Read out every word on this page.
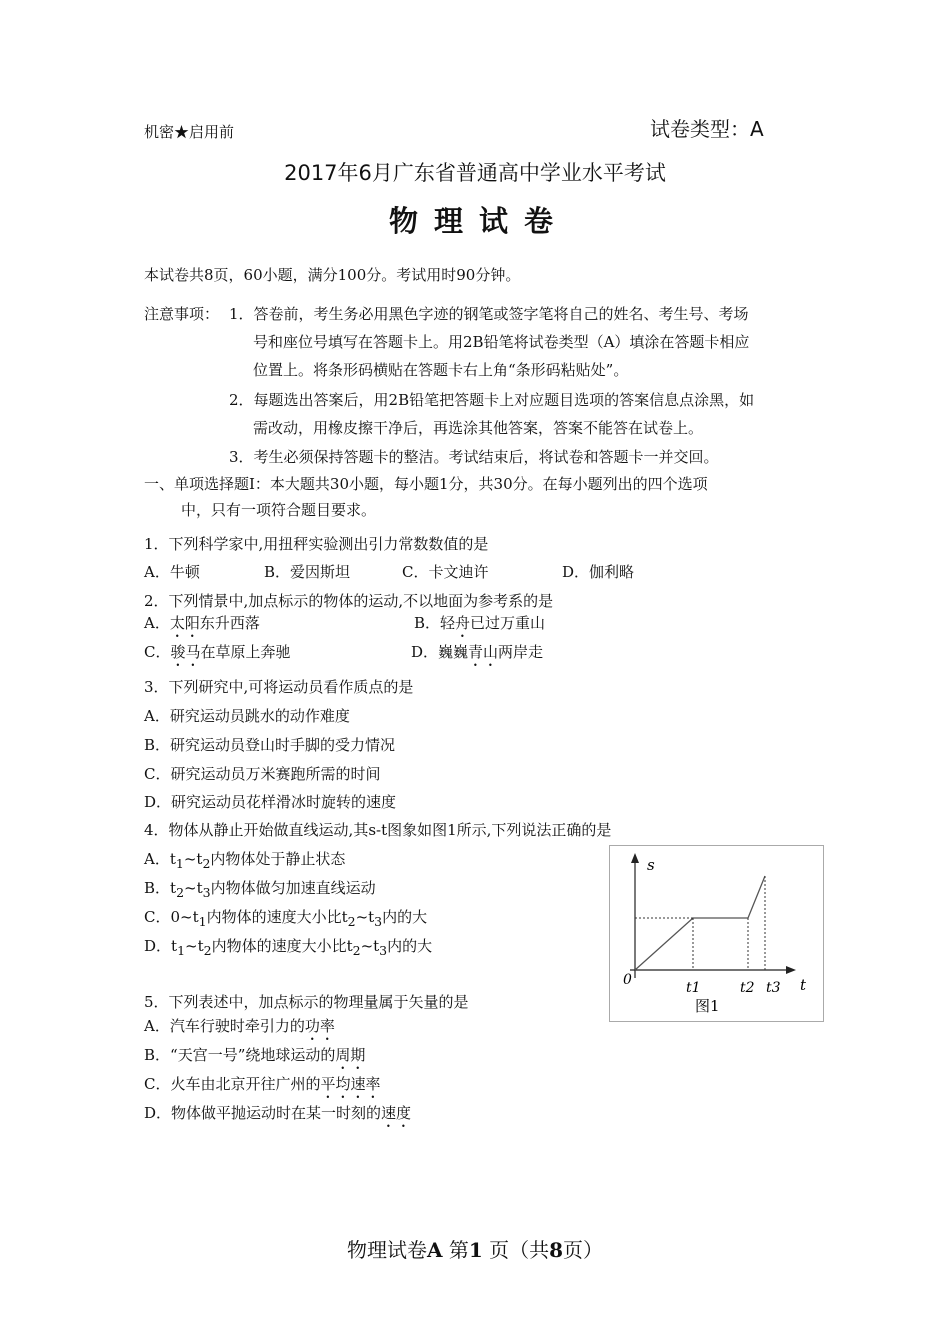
机密★启用前	试卷类型：A
2017年6月广东省普通高中学业水平考试
物理试卷
本试卷共8页，60小题，满分100分。考试用时90分钟。
注意事项： 1．答卷前，考生务必用黑色字迹的钢笔或签字笔将自己的姓名、考生号、考场
号和座位号填写在答题卡上。用2B铅笔将试卷类型（A）填涂在答题卡相应
位置上。将条形码横贴在答题卡右上角“条形码粘贴处”。
2．每题选出答案后，用2B铅笔把答题卡上对应题目选项的答案信息点涂黑，如
需改动，用橡皮擦干净后，再选涂其他答案，答案不能答在试卷上。
3．考生必须保持答题卡的整洁。考试结束后，将试卷和答题卡一并交回。
一、单项选择题Ⅰ：本大题共30小题，每小题1分，共30分。在每小题列出的四个选项
中，只有一项符合题目要求。
1．下列科学家中,用扭秤实验测出引力常数数值的是
A．牛顿	B．爱因斯坦	C．卡文迪许	D．伽利略
2．下列情景中,加点标示的物体的运动,不以地面为参考系的是
A．太阳东升西落	B．轻舟已过万重山
C．骏马在草原上奔驰	D．巍巍青山两岸走
3．下列研究中,可将运动员看作质点的是
A．研究运动员跳水的动作难度
B．研究运动员登山时手脚的受力情况
C．研究运动员万米赛跑所需的时间
D．研究运动员花样滑冰时旋转的速度
4．物体从静止开始做直线运动,其s-t图象如图1所示,下列说法正确的是
A．$t_1\sim t_2$内物体处于静止状态
B．$t_2\sim t_3$内物体做匀加速直线运动
C．$0\sim t_1$内物体的速度大小比$t_2\sim t_3$内的大
D．$t_1\sim t_2$内物体的速度大小比$t_2\sim t_3$内的大
s
t
0	t1	t2 t3
图1
5．下列表述中，加点标示的物理量属于矢量的是
A．汽车行驶时牵引力的功率
B．“天宫一号”绕地球运动的周期
C．火车由北京开往广州的平均速率
D．物体做平抛运动时在某一时刻的速度
物理试卷A 第1 页（共8页）
